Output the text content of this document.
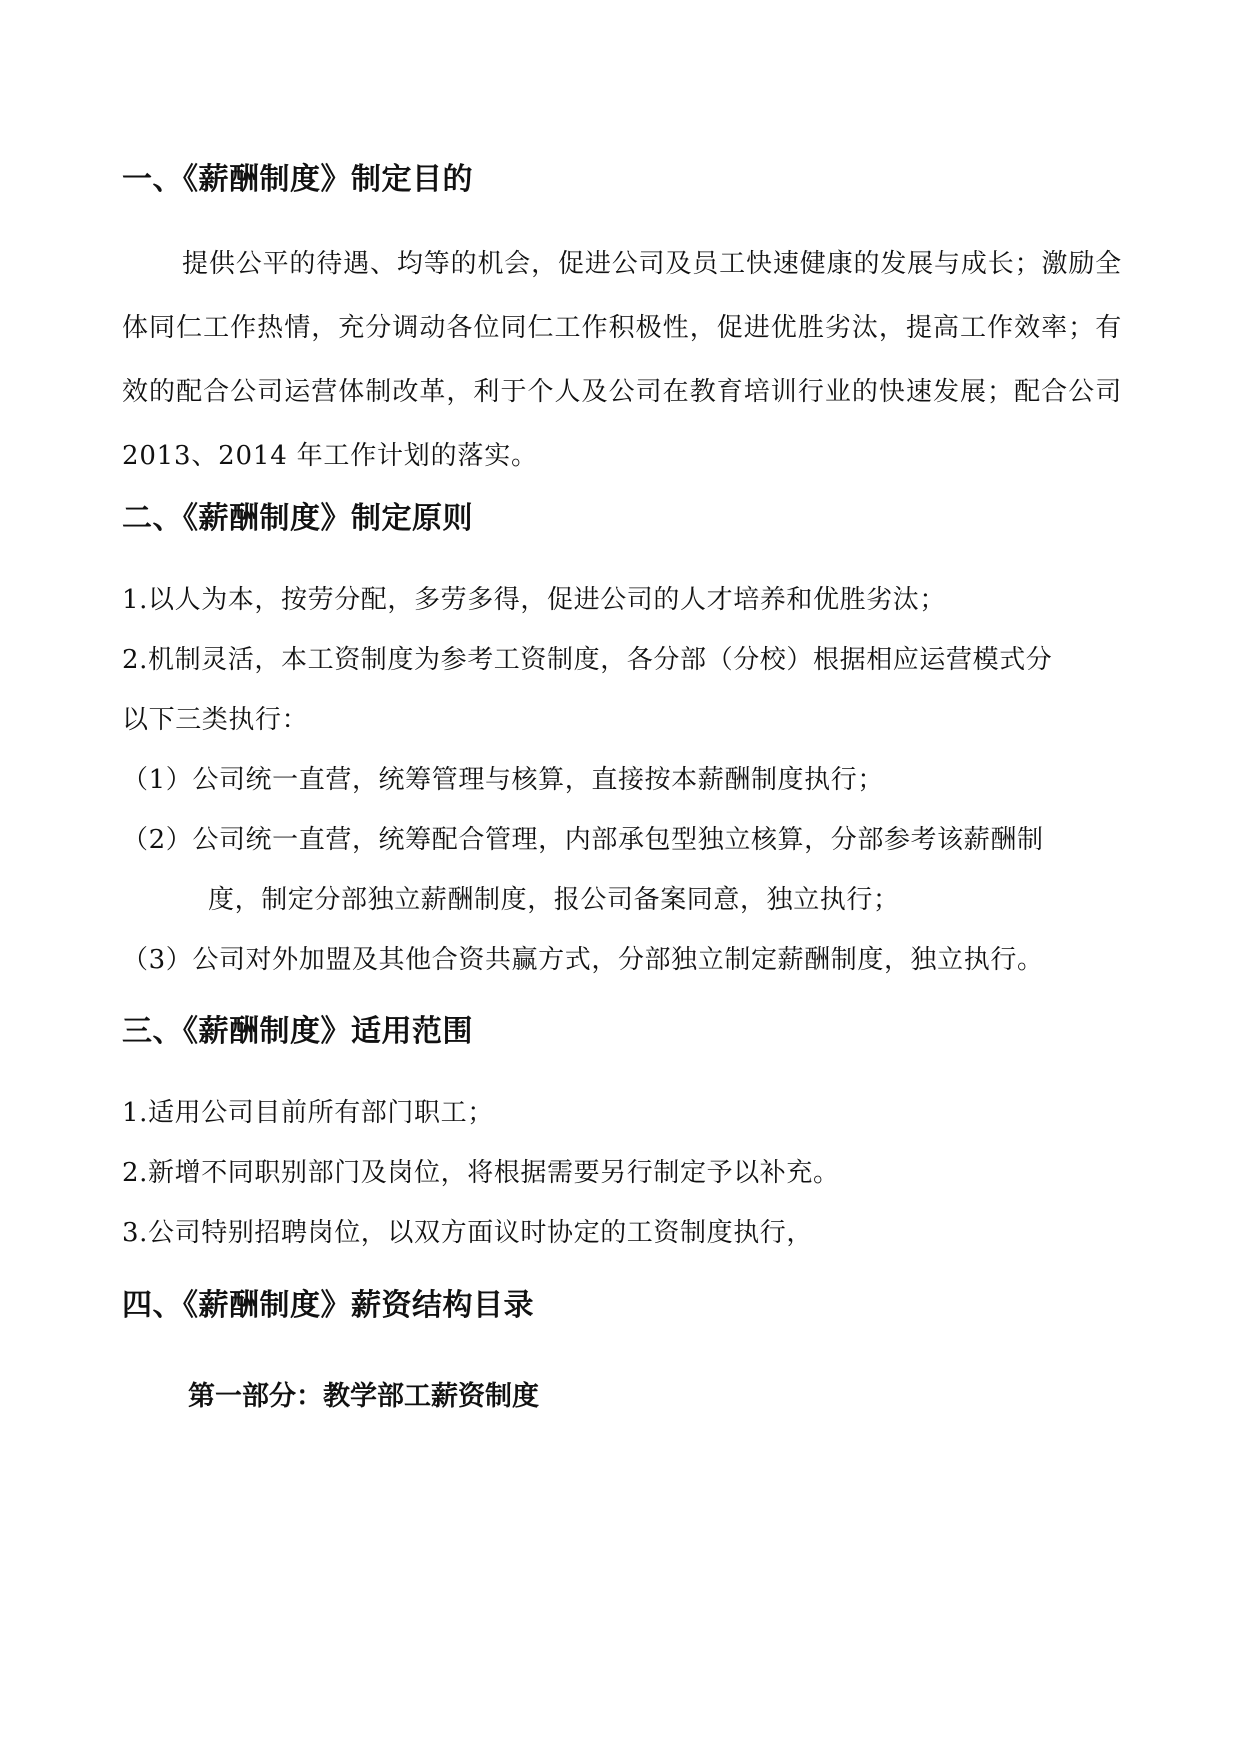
一、《薪酬制度》制定目的

提供公平的待遇、均等的机会，促进公司及员工快速健康的发展与成长；激励全体同仁工作热情，充分调动各位同仁工作积极性，促进优胜劣汰，提高工作效率；有效的配合公司运营体制改革，利于个人及公司在教育培训行业的快速发展；配合公司 2013、2014 年工作计划的落实。

二、《薪酬制度》制定原则

1.以人为本，按劳分配，多劳多得，促进公司的人才培养和优胜劣汰；

2.机制灵活，本工资制度为参考工资制度，各分部（分校）根据相应运营模式分

以下三类执行：

（1）公司统一直营，统筹管理与核算，直接按本薪酬制度执行；

（2）公司统一直营，统筹配合管理，内部承包型独立核算，分部参考该薪酬制

度，制定分部独立薪酬制度，报公司备案同意，独立执行；

（3）公司对外加盟及其他合资共赢方式，分部独立制定薪酬制度，独立执行。

三、《薪酬制度》适用范围

1.适用公司目前所有部门职工；

2.新增不同职别部门及岗位，将根据需要另行制定予以补充。

3.公司特别招聘岗位，以双方面议时协定的工资制度执行，

四、《薪酬制度》薪资结构目录
第一部分：教学部工薪资制度
